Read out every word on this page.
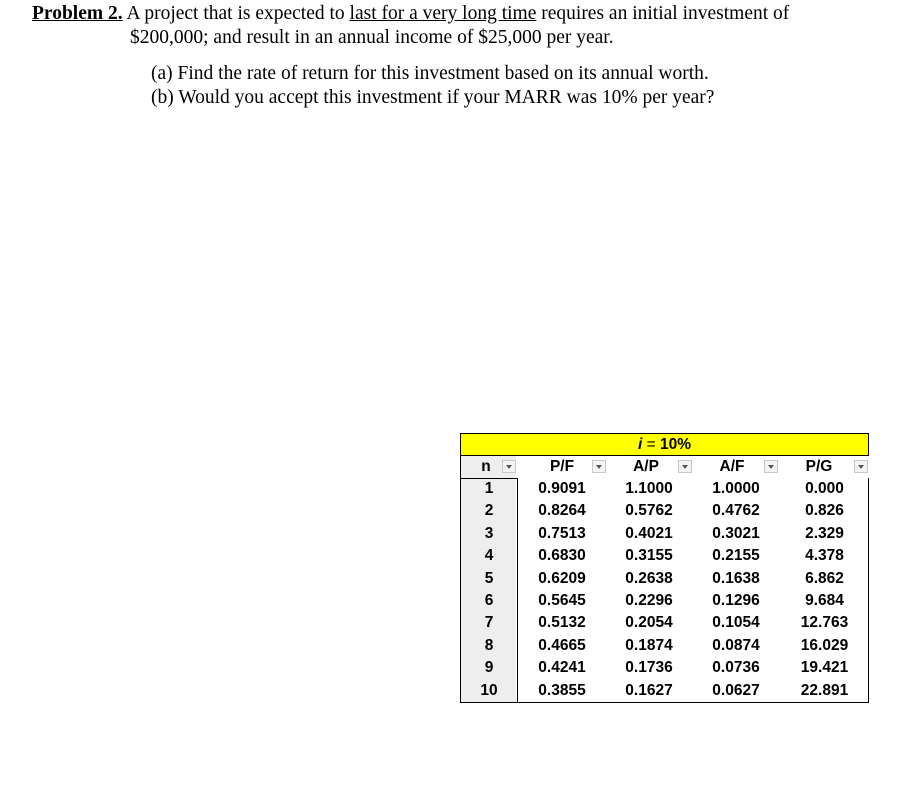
Problem 2. A project that is expected to last for a very long time requires an initial investment of
$200,000; and result in an annual income of $25,000 per year.
(a) Find the rate of return for this investment based on its annual worth.
(b) Would you accept this investment if your MARR was 10% per year?
i = 10%
n	P/F	A/P	A/F	P/G
1	0.9091	1.1000	1.0000	0.000
2	0.8264	0.5762	0.4762	0.826
3	0.7513	0.4021	0.3021	2.329
4	0.6830	0.3155	0.2155	4.378
5	0.6209	0.2638	0.1638	6.862
6	0.5645	0.2296	0.1296	9.684
7	0.5132	0.2054	0.1054	12.763
8	0.4665	0.1874	0.0874	16.029
9	0.4241	0.1736	0.0736	19.421
10	0.3855	0.1627	0.0627	22.891
